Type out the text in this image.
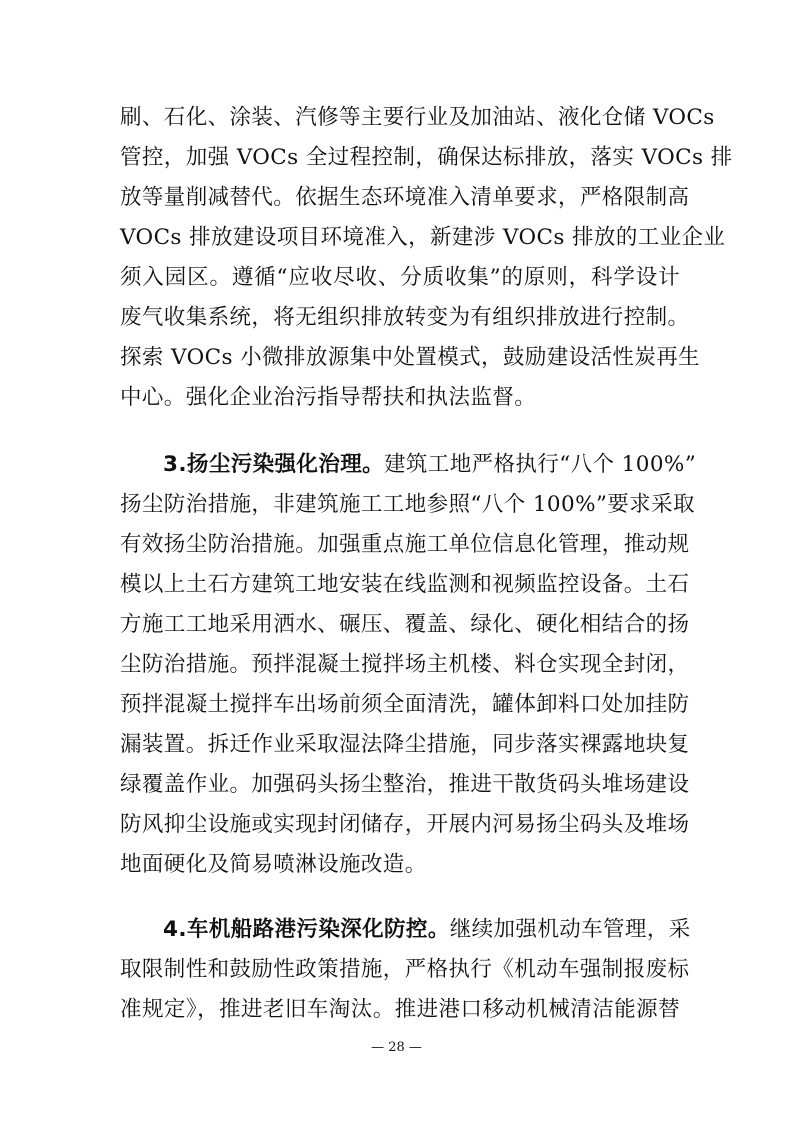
刷、石化、涂装、汽修等主要行业及加油站、液化仓储 VOCs
管控，加强 VOCs 全过程控制，确保达标排放，落实 VOCs 排
放等量削减替代。依据生态环境准入清单要求，严格限制高
VOCs 排放建设项目环境准入，新建涉 VOCs 排放的工业企业
须入园区。遵循“应收尽收、分质收集”的原则，科学设计
废气收集系统，将无组织排放转变为有组织排放进行控制。
探索 VOCs 小微排放源集中处置模式，鼓励建设活性炭再生
中心。强化企业治污指导帮扶和执法监督。
3.扬尘污染强化治理。建筑工地严格执行“八个 100%”
扬尘防治措施，非建筑施工工地参照“八个 100%”要求采取
有效扬尘防治措施。加强重点施工单位信息化管理，推动规
模以上土石方建筑工地安装在线监测和视频监控设备。土石
方施工工地采用洒水、碾压、覆盖、绿化、硬化相结合的扬
尘防治措施。预拌混凝土搅拌场主机楼、料仓实现全封闭，
预拌混凝土搅拌车出场前须全面清洗，罐体卸料口处加挂防
漏装置。拆迁作业采取湿法降尘措施，同步落实裸露地块复
绿覆盖作业。加强码头扬尘整治，推进干散货码头堆场建设
防风抑尘设施或实现封闭储存，开展内河易扬尘码头及堆场
地面硬化及简易喷淋设施改造。
4.车机船路港污染深化防控。继续加强机动车管理，采
取限制性和鼓励性政策措施，严格执行《机动车强制报废标
准规定》，推进老旧车淘汰。推进港口移动机械清洁能源替
— 28 —
